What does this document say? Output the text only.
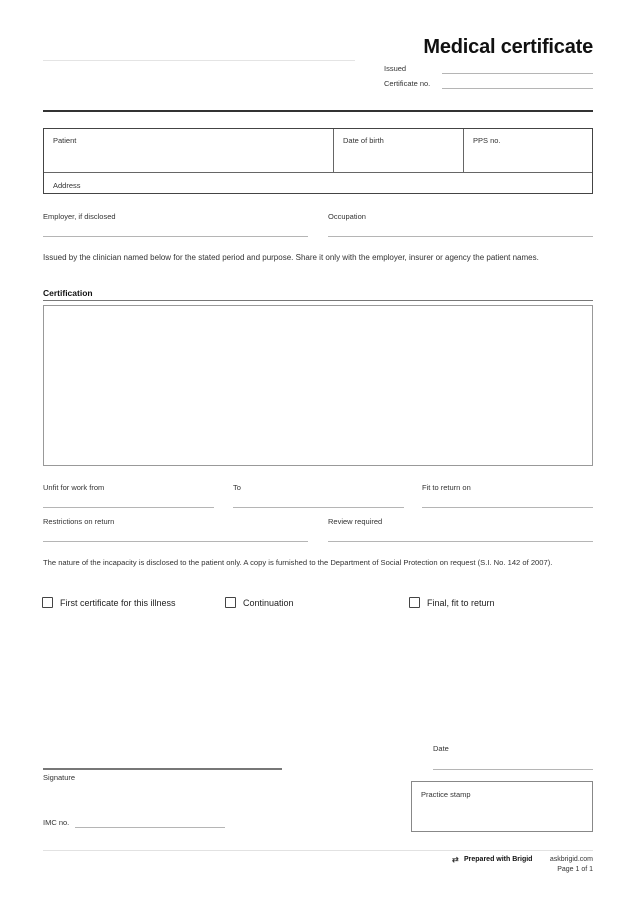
Medical certificate
Issued
Certificate no.
Patient	Date of birth	PPS no.
Address
Employer, if disclosed	Occupation
Issued by the clinician named below for the stated period and purpose. Share it only with the employer, insurer or agency the patient names.
Certification
Unfit for work from	To	Fit to return on
Restrictions on return	Review required
The nature of the incapacity is disclosed to the patient only. A copy is furnished to the Department of Social Protection on request (S.I. No. 142 of 2007).
First certificate for this illness	Continuation	Final, fit to return
Date
Signature
Practice stamp
IMC no.
⇄ Prepared with Brigid askbrigid.com
Page 1 of 1
